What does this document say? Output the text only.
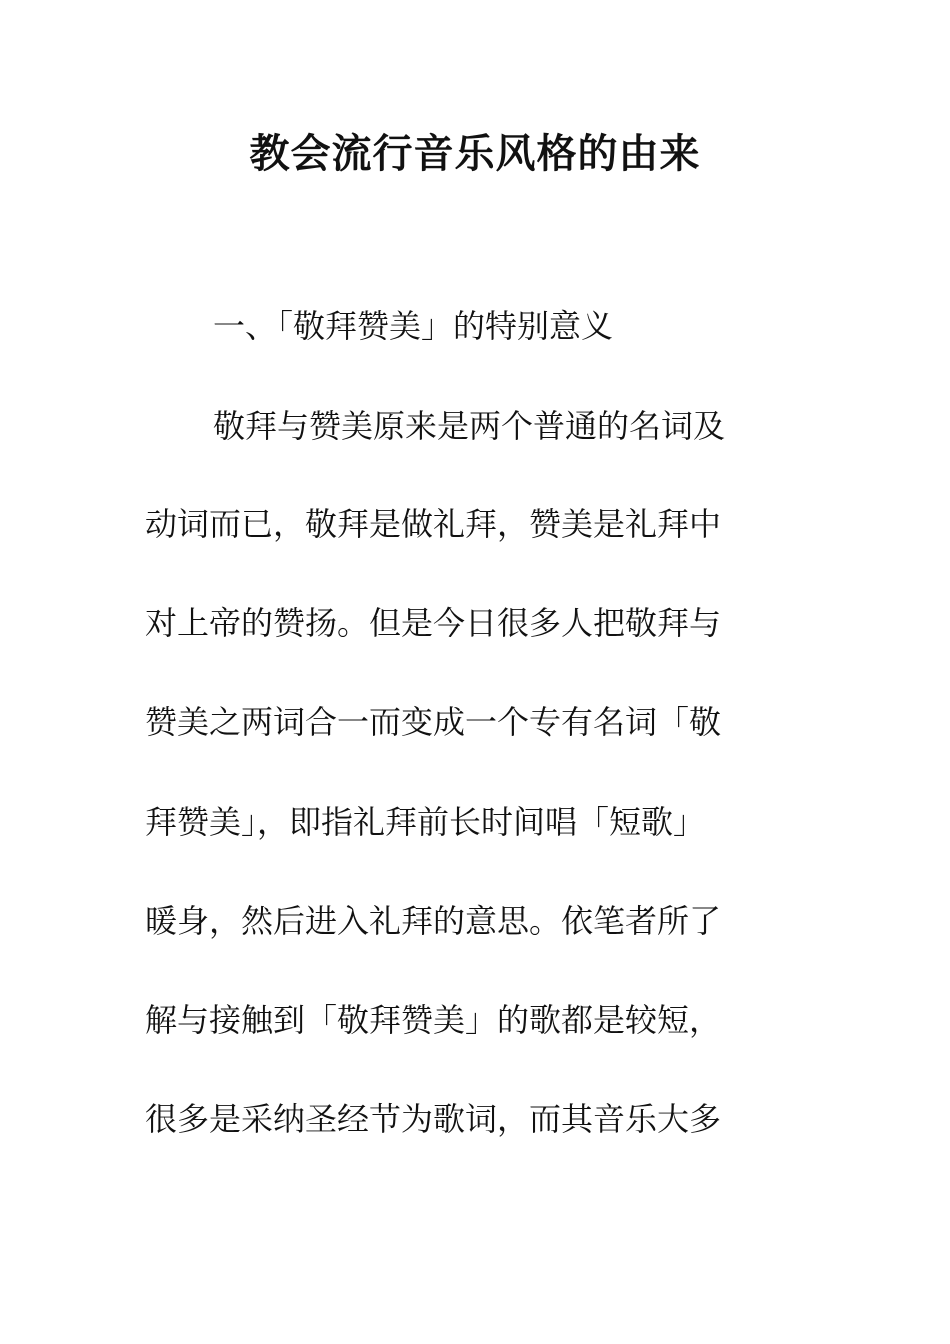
教会流行音乐风格的由来

一、「敬拜赞美」的特别意义

敬拜与赞美原来是两个普通的名词及

动词而已，敬拜是做礼拜，赞美是礼拜中

对上帝的赞扬。但是今日很多人把敬拜与

赞美之两词合一而变成一个专有名词「敬

拜赞美」，即指礼拜前长时间唱「短歌」

暖身，然后进入礼拜的意思。依笔者所了

解与接触到「敬拜赞美」的歌都是较短，

很多是采纳圣经节为歌词，而其音乐大多
